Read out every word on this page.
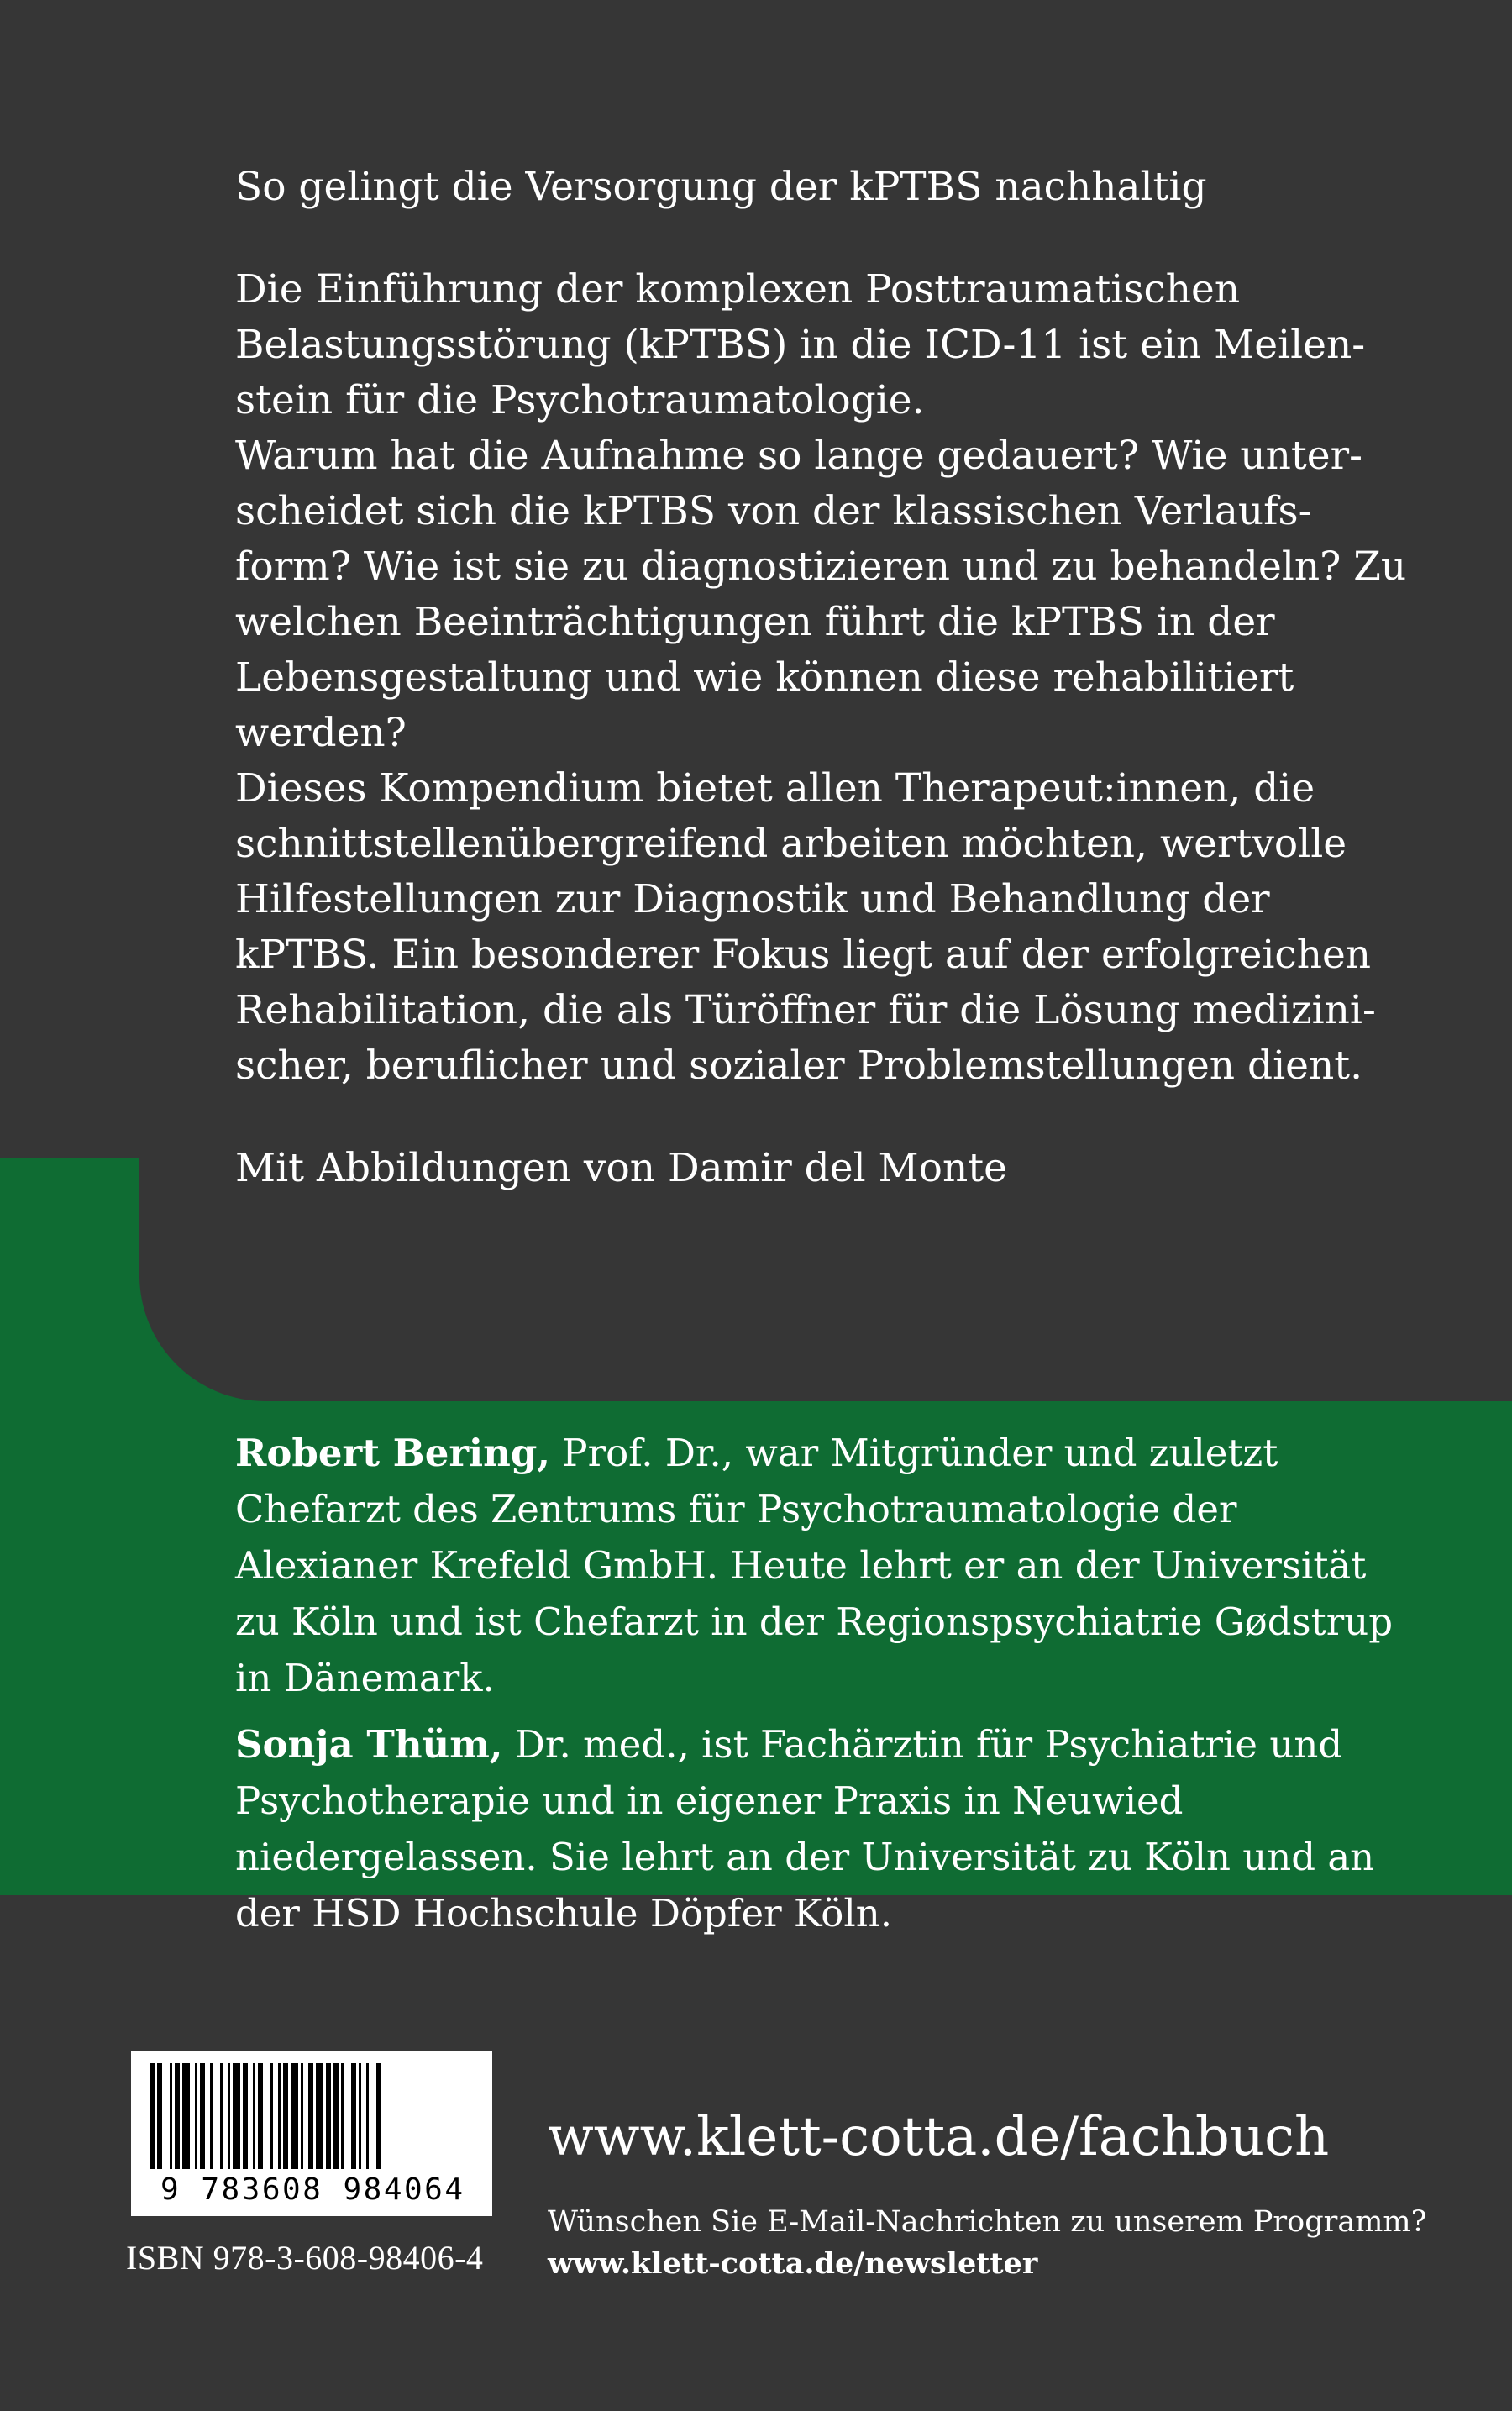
So gelingt die Versorgung der kPTBS nachhaltig

Die Einführung der komplexen Posttraumatischen Belastungsstörung (kPTBS) in die ICD-11 ist ein Meilenstein für die Psychotraumatologie.

Warum hat die Aufnahme so lange gedauert? Wie unterscheidet sich die kPTBS von der klassischen Verlaufsform? Wie ist sie zu diagnostizieren und zu behandeln? Zu welchen Beeinträchtigungen führt die kPTBS in der Lebensgestaltung und wie können diese rehabilitiert werden?

Dieses Kompendium bietet allen Therapeut:innen, die schnittstellenübergreifend arbeiten möchten, wertvolle Hilfestellungen zur Diagnostik und Behandlung der kPTBS. Ein besonderer Fokus liegt auf der erfolgreichen Rehabilitation, die als Türöffner für die Lösung medizinischer, beruflicher und sozialer Problemstellungen dient.

Mit Abbildungen von Damir del Monte

Robert Bering, Prof. Dr., war Mitgründer und zuletzt Chefarzt des Zentrums für Psychotraumatologie der Alexianer Krefeld GmbH. Heute lehrt er an der Universität zu Köln und ist Chefarzt in der Regionspsychiatrie Gødstrup in Dänemark.

Sonja Thüm, Dr. med., ist Fachärztin für Psychiatrie und Psychotherapie und in eigener Praxis in Neuwied niedergelassen. Sie lehrt an der Universität zu Köln und an der HSD Hochschule Döpfer Köln.

9 783608 984064
ISBN 978-3-608-98406-4
www.klett-cotta.de/fachbuch
Wünschen Sie E-Mail-Nachrichten zu unserem Programm?
www.klett-cotta.de/newsletter
